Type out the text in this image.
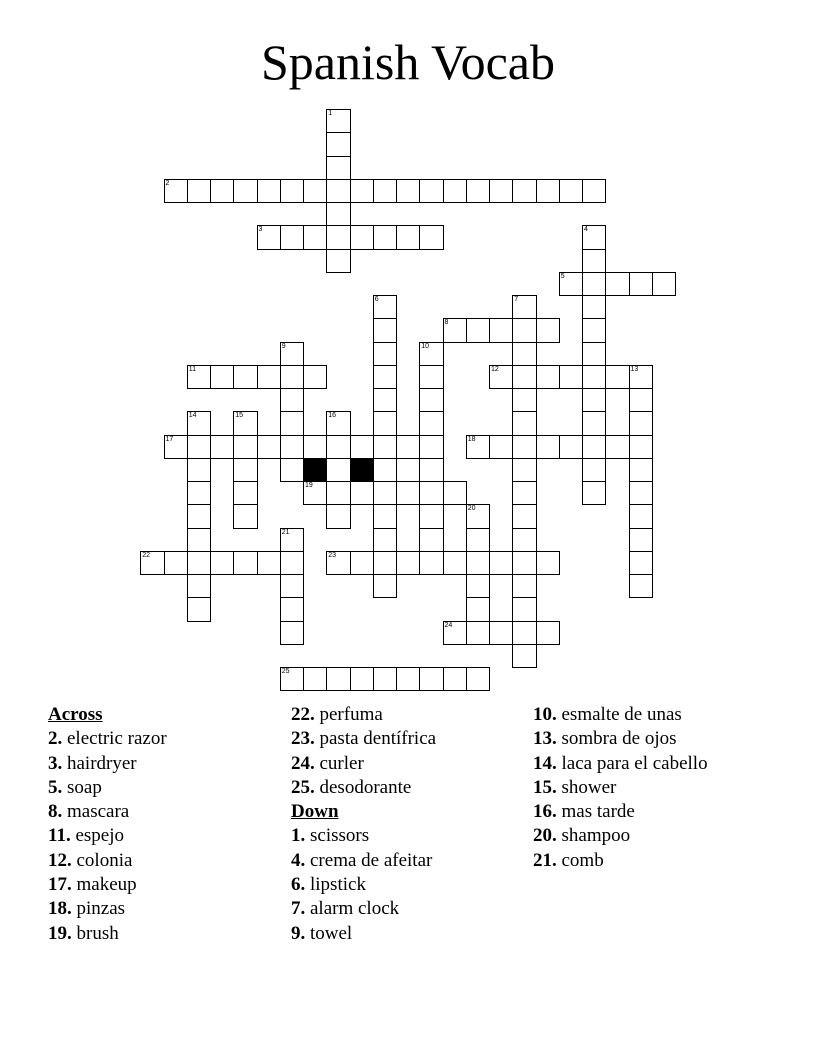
Spanish Vocab
2
3
5
8
11	12	13
17	18
19
22	23
24
25
1
4
6	7
9	10
14	15	16
20
21
Across
2. electric razor
3. hairdryer
5. soap
8. mascara
11. espejo
12. colonia
17. makeup
18. pinzas
19. brush
22. perfuma
23. pasta dentífrica
24. curler
25. desodorante
Down
1. scissors
4. crema de afeitar
6. lipstick
7. alarm clock
9. towel
10. esmalte de unas
13. sombra de ojos
14. laca para el cabello
15. shower
16. mas tarde
20. shampoo
21. comb
